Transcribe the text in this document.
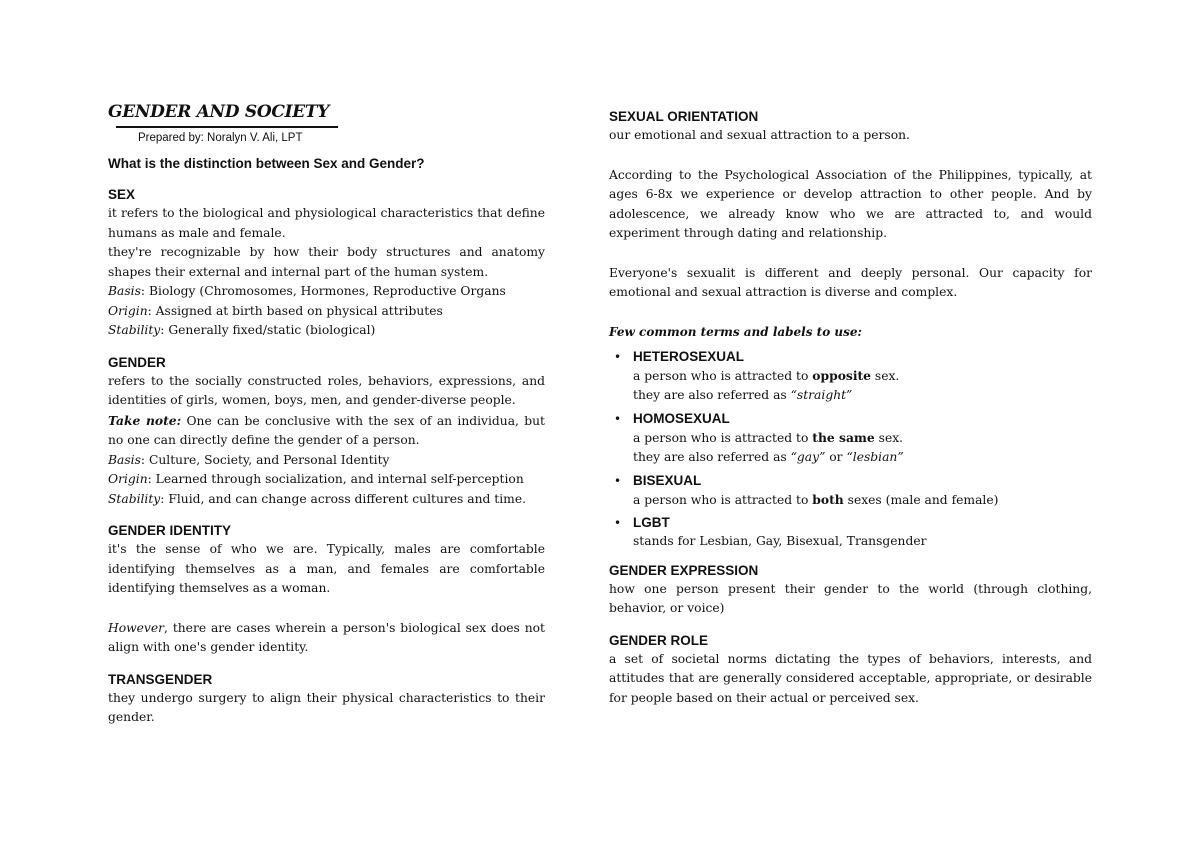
GENDER AND SOCIETY
Prepared by: Noralyn V. Ali, LPT
What is the distinction between Sex and Gender?
SEX

it refers to the biological and physiological characteristics that define humans as male and female.

they're recognizable by how their body structures and anatomy shapes their external and internal part of the human system.

Basis: Biology (Chromosomes, Hormones, Reproductive Organs

Origin: Assigned at birth based on physical attributes

Stability: Generally fixed/static (biological)

GENDER

refers to the socially constructed roles, behaviors, expressions, and identities of girls, women, boys, men, and gender-diverse people.

Take note: One can be conclusive with the sex of an individua, but no one can directly define the gender of a person.

Basis: Culture, Society, and Personal Identity

Origin: Learned through socialization, and internal self-perception

Stability: Fluid, and can change across different cultures and time.

GENDER IDENTITY

it's the sense of who we are. Typically, males are comfortable identifying themselves as a man, and females are comfortable identifying themselves as a woman.

However, there are cases wherein a person's biological sex does not align with one's gender identity.

TRANSGENDER

they undergo surgery to align their physical characteristics to their gender.

SEXUAL ORIENTATION

our emotional and sexual attraction to a person.

According to the Psychological Association of the Philippines, typically, at ages 6-8x we experience or develop attraction to other people. And by adolescence, we already know who we are attracted to, and would experiment through dating and relationship.

Everyone's sexualit is different and deeply personal. Our capacity for emotional and sexual attraction is diverse and complex.

Few common terms and labels to use:

• HETEROSEXUAL

a person who is attracted to opposite sex.

they are also referred as “straight”

• HOMOSEXUAL

a person who is attracted to the same sex.

they are also referred as “gay” or “lesbian”

• BISEXUAL

a person who is attracted to both sexes (male and female)

• LGBT

stands for Lesbian, Gay, Bisexual, Transgender

GENDER EXPRESSION

how one person present their gender to the world (through clothing, behavior, or voice)

GENDER ROLE

a set of societal norms dictating the types of behaviors, interests, and attitudes that are generally considered acceptable, appropriate, or desirable for people based on their actual or perceived sex.
